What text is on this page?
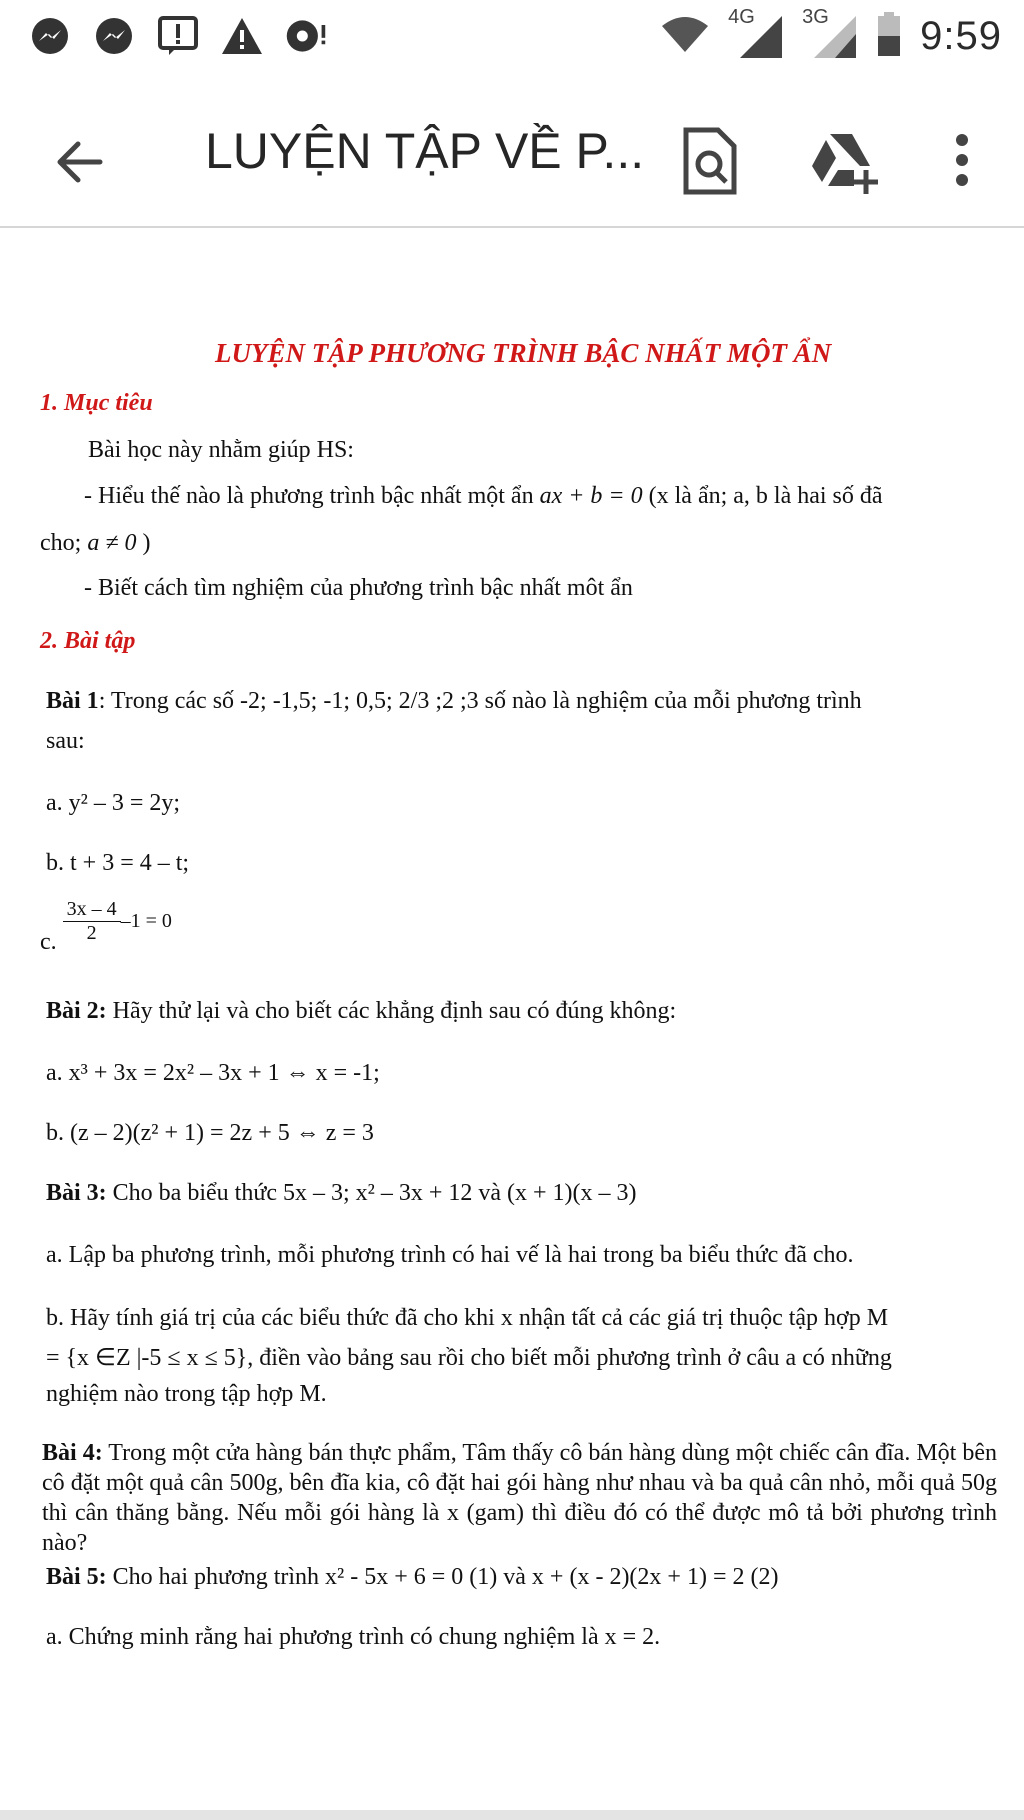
4G 3G 9:59
LUYỆN TẬP VỀ P...
LUYỆN TẬP PHƯƠNG TRÌNH BẬC NHẤT MỘT ẨN
1. Mục tiêu
Bài học này nhằm giúp HS:
- Hiểu thế nào là phương trình bậc nhất một ẩn ax + b = 0 (x là ẩn; a, b là hai số đã
cho; a ≠ 0 )
- Biết cách tìm nghiệm của phương trình bậc nhất môt ẩn
2. Bài tập
Bài 1: Trong các số -2; -1,5; -1; 0,5; 2/3 ;2 ;3 số nào là nghiệm của mỗi phương trình
sau:
a. y² – 3 = 2y;
b. t + 3 = 4 – t;
c. $\frac{3x - 4}{2} -1 = 0$
Bài 2: Hãy thử lại và cho biết các khẳng định sau có đúng không:
a. x³ + 3x = 2x² – 3x + 1 ⇔ x = -1;
b. (z – 2)(z² + 1) = 2z + 5 ⇔ z = 3
Bài 3: Cho ba biểu thức 5x – 3; x² – 3x + 12 và (x + 1)(x – 3)
a. Lập ba phương trình, mỗi phương trình có hai vế là hai trong ba biểu thức đã cho.
b. Hãy tính giá trị của các biểu thức đã cho khi x nhận tất cả các giá trị thuộc tập hợp M
= {x ∈Z |-5 ≤ x ≤ 5}, điền vào bảng sau rồi cho biết mỗi phương trình ở câu a có những
nghiệm nào trong tập hợp M.
Bài 4: Trong một cửa hàng bán thực phẩm, Tâm thấy cô bán hàng dùng một chiếc cân đĩa. Một bên cô đặt một quả cân 500g, bên đĩa kia, cô đặt hai gói hàng như nhau và ba quả cân nhỏ, mỗi quả 50g thì cân thăng bằng. Nếu mỗi gói hàng là x (gam) thì điều đó có thể được mô tả bởi phương trình nào?
Bài 5: Cho hai phương trình x² - 5x + 6 = 0 (1) và x + (x - 2)(2x + 1) = 2 (2)
a. Chứng minh rằng hai phương trình có chung nghiệm là x = 2.
